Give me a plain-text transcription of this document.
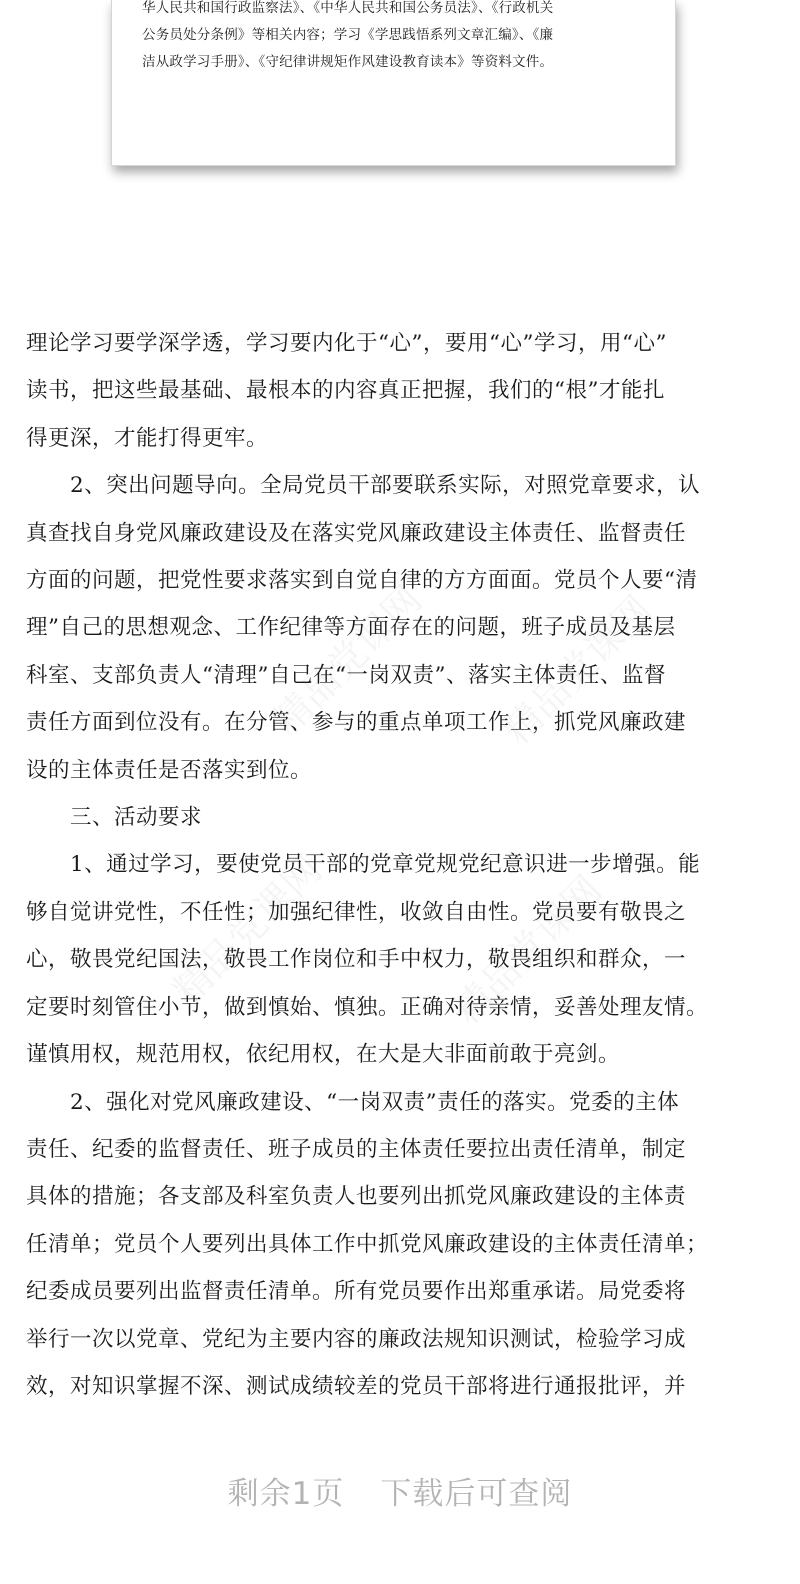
华人民共和国行政监察法》、《中华人民共和国公务员法》、《行政机关
公务员处分条例》等相关内容；学习《学思践悟系列文章汇编》、《廉
洁从政学习手册》、《守纪律讲规矩作风建设教育读本》等资料文件。
精品党课网 精品党课网
精品党课网	精品党课网
理论学习要学深学透，学习要内化于“心”，要用“心”学习，用“心”
读书，把这些最基础、最根本的内容真正把握，我们的“根”才能扎
得更深，才能打得更牢。
2、突出问题导向。全局党员干部要联系实际，对照党章要求，认
真查找自身党风廉政建设及在落实党风廉政建设主体责任、监督责任
方面的问题，把党性要求落实到自觉自律的方方面面。党员个人要“清
理”自己的思想观念、工作纪律等方面存在的问题，班子成员及基层
科室、支部负责人“清理”自己在“一岗双责”、落实主体责任、监督
责任方面到位没有。在分管、参与的重点单项工作上，抓党风廉政建
设的主体责任是否落实到位。
三、活动要求
1、通过学习，要使党员干部的党章党规党纪意识进一步增强。能
够自觉讲党性，不任性；加强纪律性，收敛自由性。党员要有敬畏之
心，敬畏党纪国法，敬畏工作岗位和手中权力，敬畏组织和群众，一
定要时刻管住小节，做到慎始、慎独。正确对待亲情，妥善处理友情。
谨慎用权，规范用权，依纪用权，在大是大非面前敢于亮剑。
2、强化对党风廉政建设、“一岗双责”责任的落实。党委的主体
责任、纪委的监督责任、班子成员的主体责任要拉出责任清单，制定
具体的措施；各支部及科室负责人也要列出抓党风廉政建设的主体责
任清单；党员个人要列出具体工作中抓党风廉政建设的主体责任清单；
纪委成员要列出监督责任清单。所有党员要作出郑重承诺。局党委将
举行一次以党章、党纪为主要内容的廉政法规知识测试，检验学习成
效，对知识掌握不深、测试成绩较差的党员干部将进行通报批评，并
剩余1页 下载后可查阅
